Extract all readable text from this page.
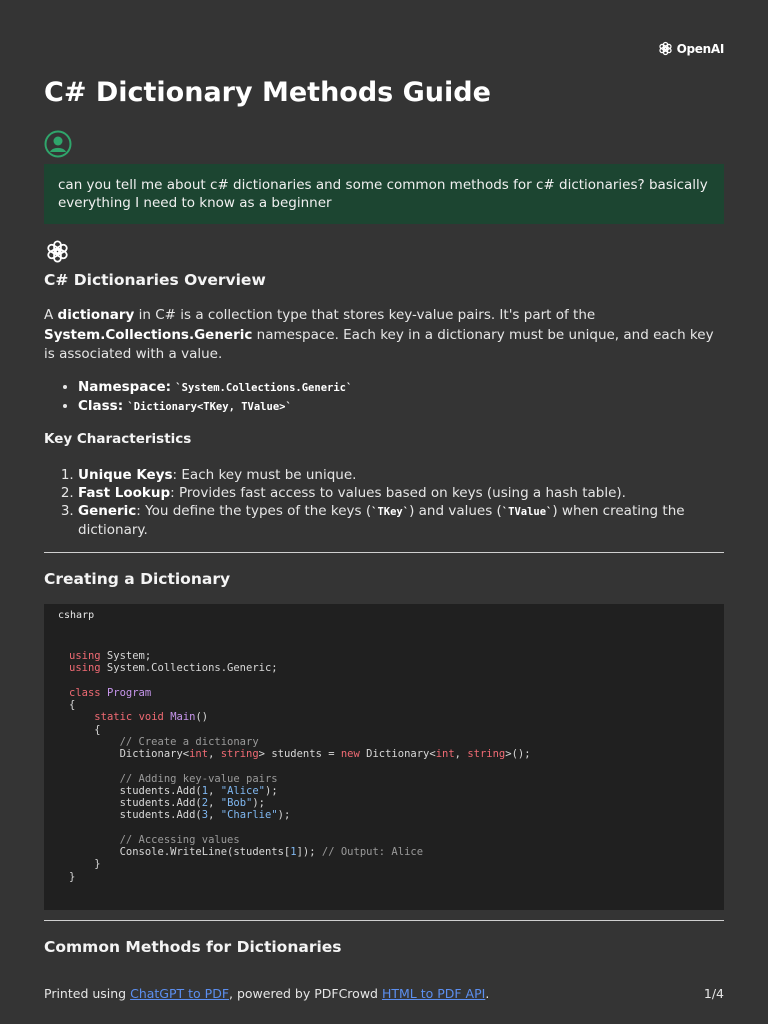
OpenAI
C# Dictionary Methods Guide
can you tell me about c# dictionaries and some common methods for c# dictionaries? basically everything I need to know as a beginner
C# Dictionaries Overview
A dictionary in C# is a collection type that stores key-value pairs. It's part of the System.Collections.Generic namespace. Each key in a dictionary must be unique, and each key is associated with a value.
• Namespace: `System.Collections.Generic`
• Class: `Dictionary<TKey, TValue>`
Key Characteristics
1. Unique Keys: Each key must be unique.
2. Fast Lookup: Provides fast access to values based on keys (using a hash table).
3. Generic: You define the types of the keys (`TKey`) and values (`TValue`) when creating the dictionary.
Creating a Dictionary
csharp
using System;
using System.Collections.Generic;

class Program
{
static void Main()
{
// Create a dictionary
Dictionary<int, string> students = new Dictionary<int, string>();

// Adding key-value pairs
students.Add(1, "Alice");
students.Add(2, "Bob");
students.Add(3, "Charlie");

// Accessing values
Console.WriteLine(students[1]); // Output: Alice
}
}
Common Methods for Dictionaries
Printed using ChatGPT to PDF, powered by PDFCrowd HTML to PDF API.	1/4
